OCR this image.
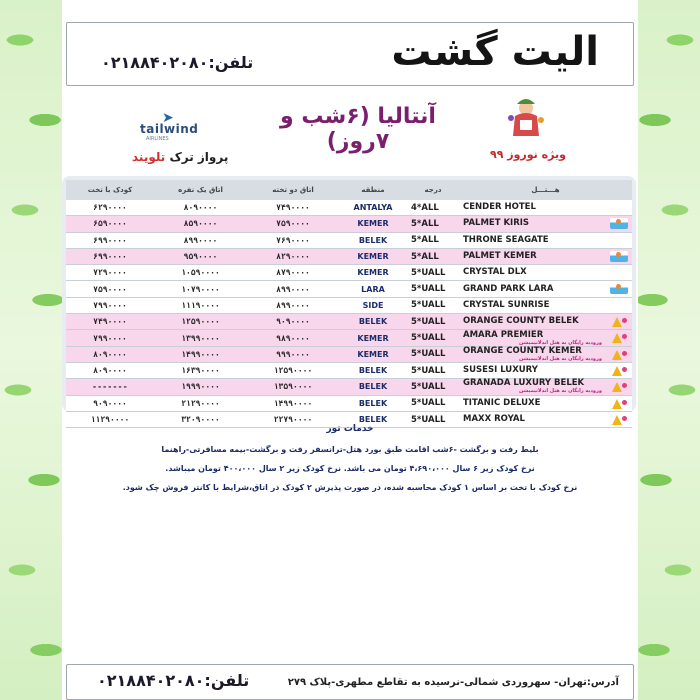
الیت گشت
تلفن:۰۲۱۸۸۴۰۲۰۸۰
➤
tailwind
AIRLINES
آنتالیا (۶شب و ۷روز)
ویژه نوروز ۹۹
پرواز ترک تلویند
کودک با تخت	اتاق یک نفره	اتاق دو تخته	منطقه	درجه	هـــتـــل
۶۲۹۰۰۰۰	۸۰۹۰۰۰۰	۷۴۹۰۰۰۰	ANTALYA	4*ALL	CENDER HOTEL

۶۵۹۰۰۰۰	۸۵۹۰۰۰۰	۷۵۹۰۰۰۰	KEMER	5*ALL	PALMET KIRIS

۶۹۹۰۰۰۰	۸۹۹۰۰۰۰	۷۶۹۰۰۰۰	BELEK	5*ALL	THRONE SEAGATE

۶۹۹۰۰۰۰	۹۵۹۰۰۰۰	۸۲۹۰۰۰۰	KEMER	5*ALL	PALMET KEMER

۷۲۹۰۰۰۰	۱۰۵۹۰۰۰۰	۸۷۹۰۰۰۰	KEMER	5*UALL	CRYSTAL DLX

۷۵۹۰۰۰۰	۱۰۷۹۰۰۰۰	۸۹۹۰۰۰۰	LARA	5*UALL	GRAND PARK LARA

۷۹۹۰۰۰۰	۱۱۱۹۰۰۰۰	۸۹۹۰۰۰۰	SIDE	5*UALL	CRYSTAL SUNRISE

۷۴۹۰۰۰۰	۱۲۵۹۰۰۰۰	۹۰۹۰۰۰۰	BELEK	5*UALL	ORANGE COUNTY BELEK

۷۹۹۰۰۰۰	۱۳۹۹۰۰۰۰	۹۸۹۰۰۰۰	KEMER	5*UALL	AMARA PREMIER
ورودیه رایگان به هتل اندلانیمیشن

۸۰۹۰۰۰۰	۱۴۹۹۰۰۰۰	۹۹۹۰۰۰۰	KEMER	5*UALL	ORANGE COUNTY KEMER
ورودیه رایگان به هتل اندلانیمیشن

۸۰۹۰۰۰۰	۱۶۳۹۰۰۰۰	۱۲۵۹۰۰۰۰	BELEK	5*UALL	SUSESI LUXURY

-------	۱۹۹۹۰۰۰۰	۱۳۵۹۰۰۰۰	BELEK	5*UALL	GRANADA LUXURY BELEK
ورودیه رایگان به هتل اندلانیمیشن

۹۰۹۰۰۰۰	۲۱۲۹۰۰۰۰	۱۴۹۹۰۰۰۰	BELEK	5*UALL	TITANIC DELUXE

۱۱۲۹۰۰۰۰	۳۲۰۹۰۰۰۰	۲۲۷۹۰۰۰۰	BELEK	5*UALL	MAXX ROYAL
خدمات تور
بلیط رفت و برگشت -۶شب اقامت طبق بورد هتل-ترانسفر رفت و برگشت-بیمه مسافرتی-راهنما
نرخ کودک زیر ۶ سال ۴،۶۹۰،۰۰۰ تومان می باشد. نرخ کودک زیر ۲ سال ۴۰۰،۰۰۰ تومان میباشد.
نرخ کودک با تخت بر اساس ۱ کودک محاسبه شده، در صورت پذیرش ۲ کودک در اتاق،شرایط با کانتر فروش چک شود.
تلفن:۰۲۱۸۸۴۰۲۰۸۰	آدرس:تهران- سهروردی شمالی-نرسیده به تقاطع مطهری-پلاک ۲۷۹
